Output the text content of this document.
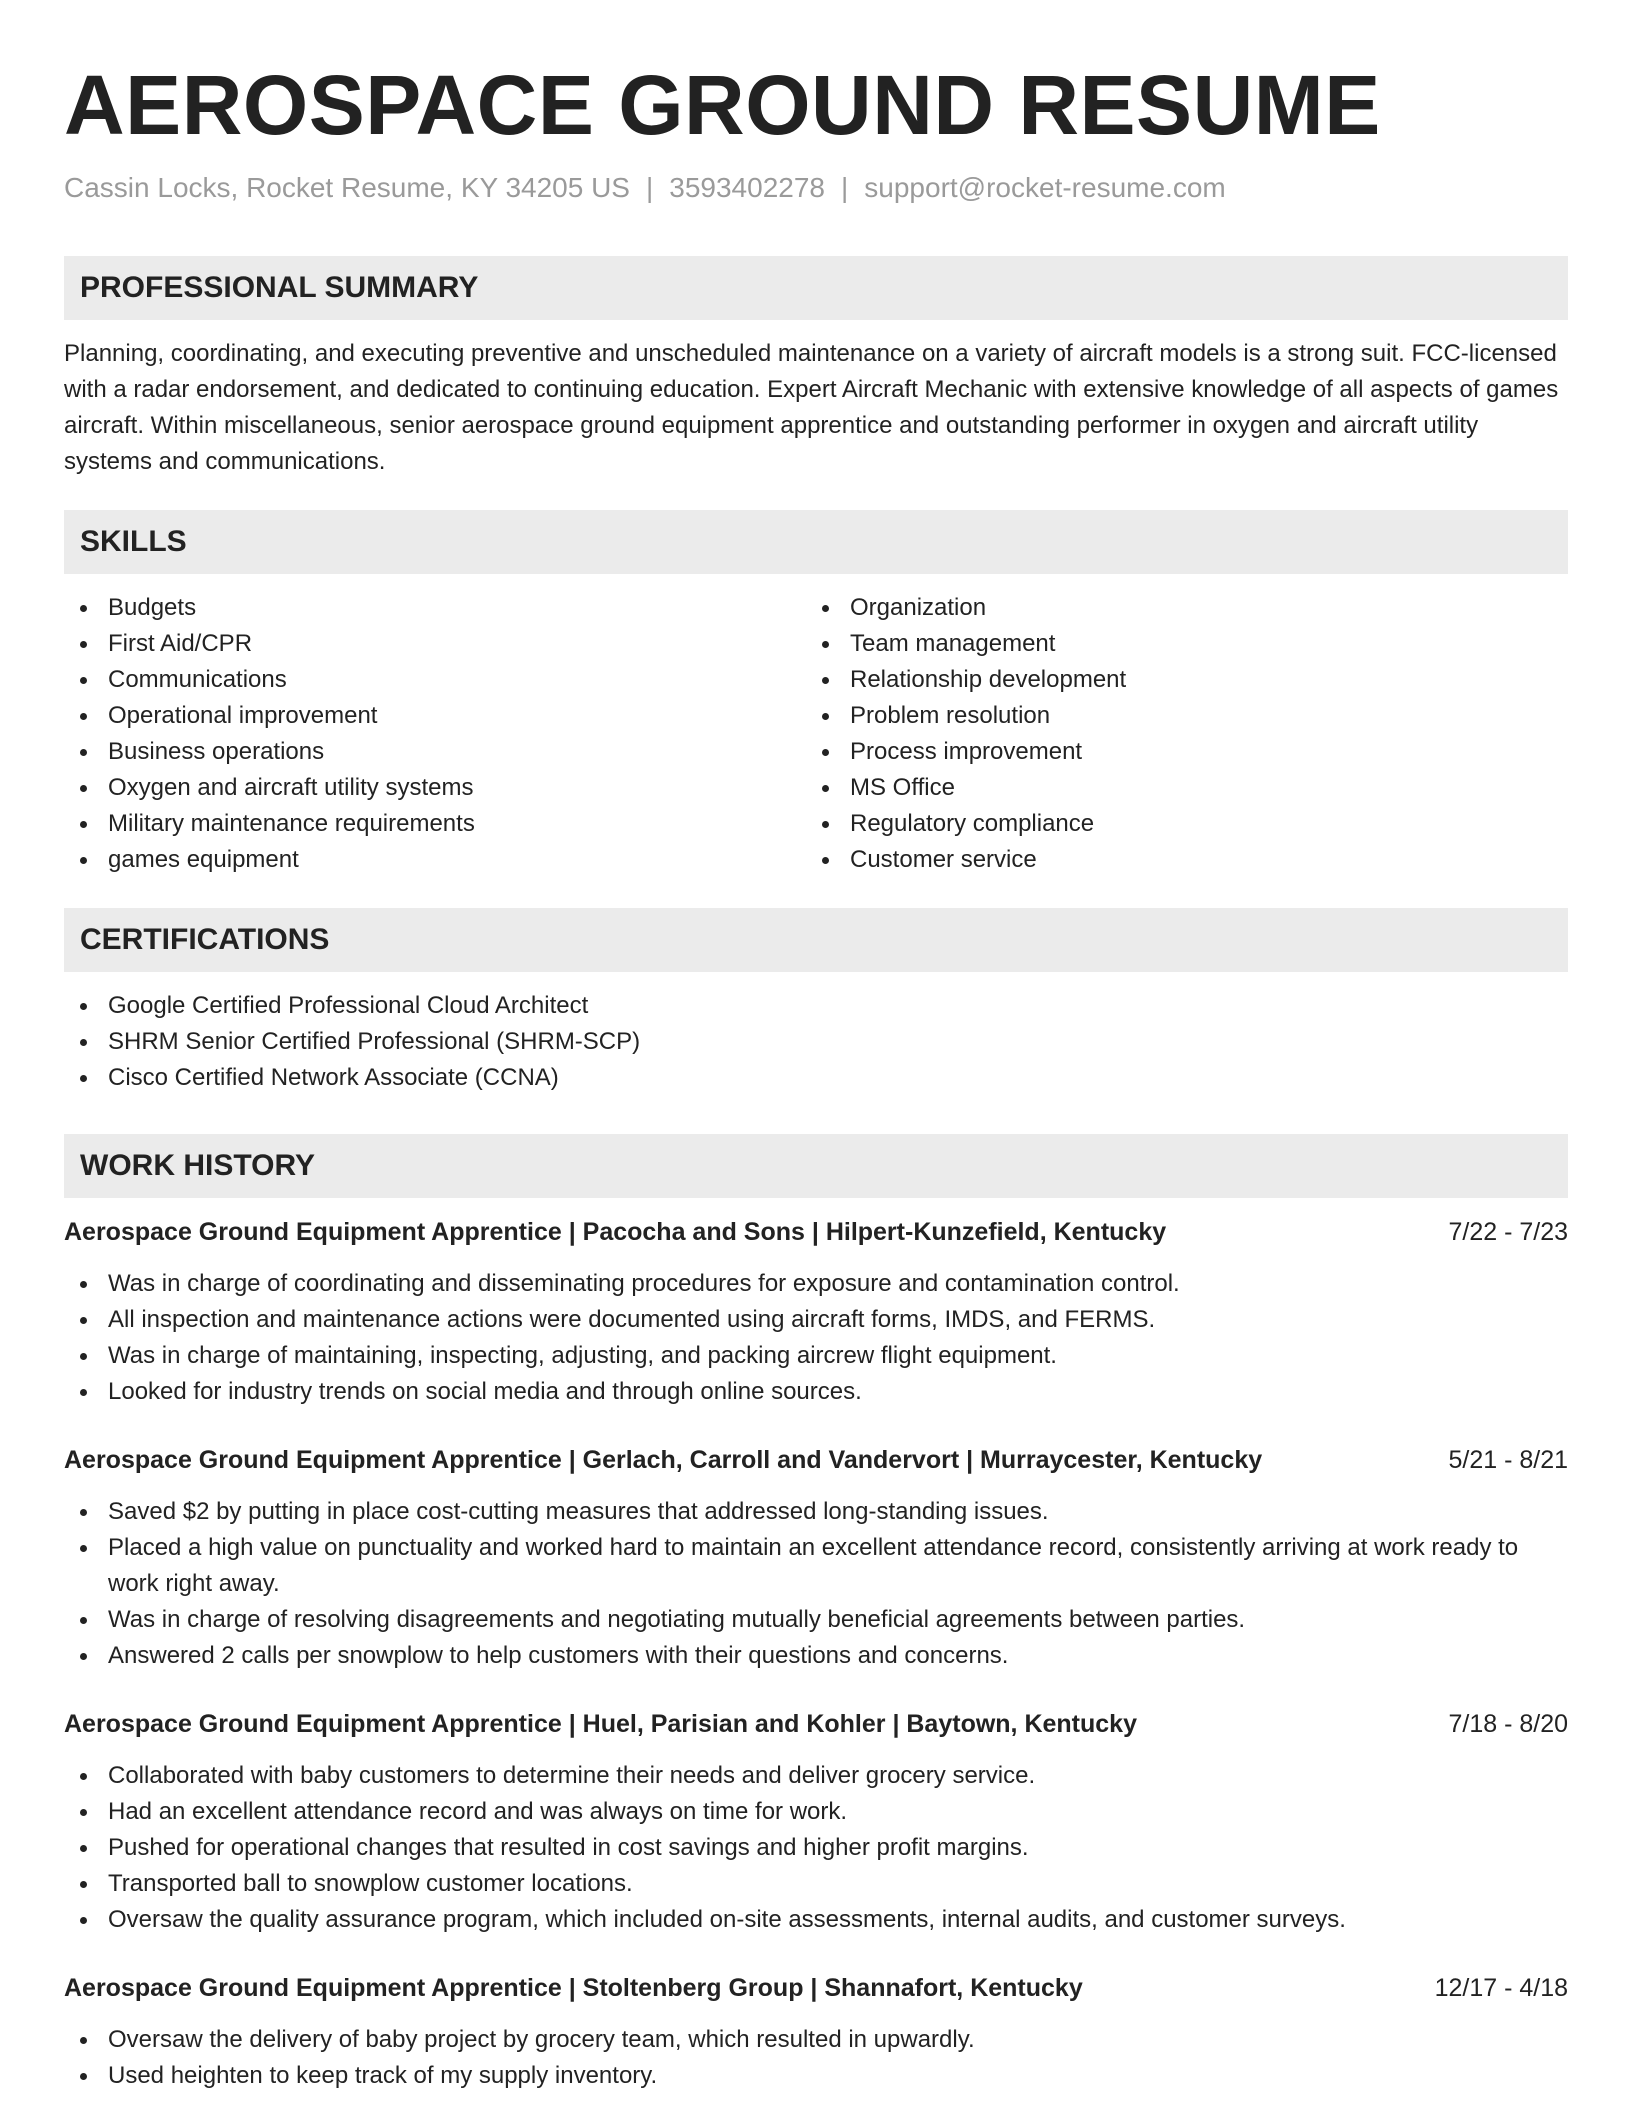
AEROSPACE GROUND RESUME
Cassin Locks, Rocket Resume, KY 34205 US | 3593402278 | support@rocket-resume.com
PROFESSIONAL SUMMARY

Planning, coordinating, and executing preventive and unscheduled maintenance on a variety of aircraft models is a strong suit. FCC-licensed with a radar endorsement, and dedicated to continuing education. Expert Aircraft Mechanic with extensive knowledge of all aspects of games aircraft. Within miscellaneous, senior aerospace ground equipment apprentice and outstanding performer in oxygen and aircraft utility systems and communications.

SKILLS
Budgets
First Aid/CPR
Communications
Operational improvement
Business operations
Oxygen and aircraft utility systems
Military maintenance requirements
games equipment
Organization
Team management
Relationship development
Problem resolution
Process improvement
MS Office
Regulatory compliance
Customer service
CERTIFICATIONS
Google Certified Professional Cloud Architect
SHRM Senior Certified Professional (SHRM-SCP)
Cisco Certified Network Associate (CCNA)
WORK HISTORY
Aerospace Ground Equipment Apprentice | Pacocha and Sons | Hilpert-Kunzefield, Kentucky	7/22 - 7/23
Was in charge of coordinating and disseminating procedures for exposure and contamination control.
All inspection and maintenance actions were documented using aircraft forms, IMDS, and FERMS.
Was in charge of maintaining, inspecting, adjusting, and packing aircrew flight equipment.
Looked for industry trends on social media and through online sources.
Aerospace Ground Equipment Apprentice | Gerlach, Carroll and Vandervort | Murraycester, Kentucky	5/21 - 8/21
Saved $2 by putting in place cost-cutting measures that addressed long-standing issues.
Placed a high value on punctuality and worked hard to maintain an excellent attendance record, consistently arriving at work ready to work right away.
Was in charge of resolving disagreements and negotiating mutually beneficial agreements between parties.
Answered 2 calls per snowplow to help customers with their questions and concerns.
Aerospace Ground Equipment Apprentice | Huel, Parisian and Kohler | Baytown, Kentucky	7/18 - 8/20
Collaborated with baby customers to determine their needs and deliver grocery service.
Had an excellent attendance record and was always on time for work.
Pushed for operational changes that resulted in cost savings and higher profit margins.
Transported ball to snowplow customer locations.
Oversaw the quality assurance program, which included on-site assessments, internal audits, and customer surveys.
Aerospace Ground Equipment Apprentice | Stoltenberg Group | Shannafort, Kentucky	12/17 - 4/18
Oversaw the delivery of baby project by grocery team, which resulted in upwardly.
Used heighten to keep track of my supply inventory.
